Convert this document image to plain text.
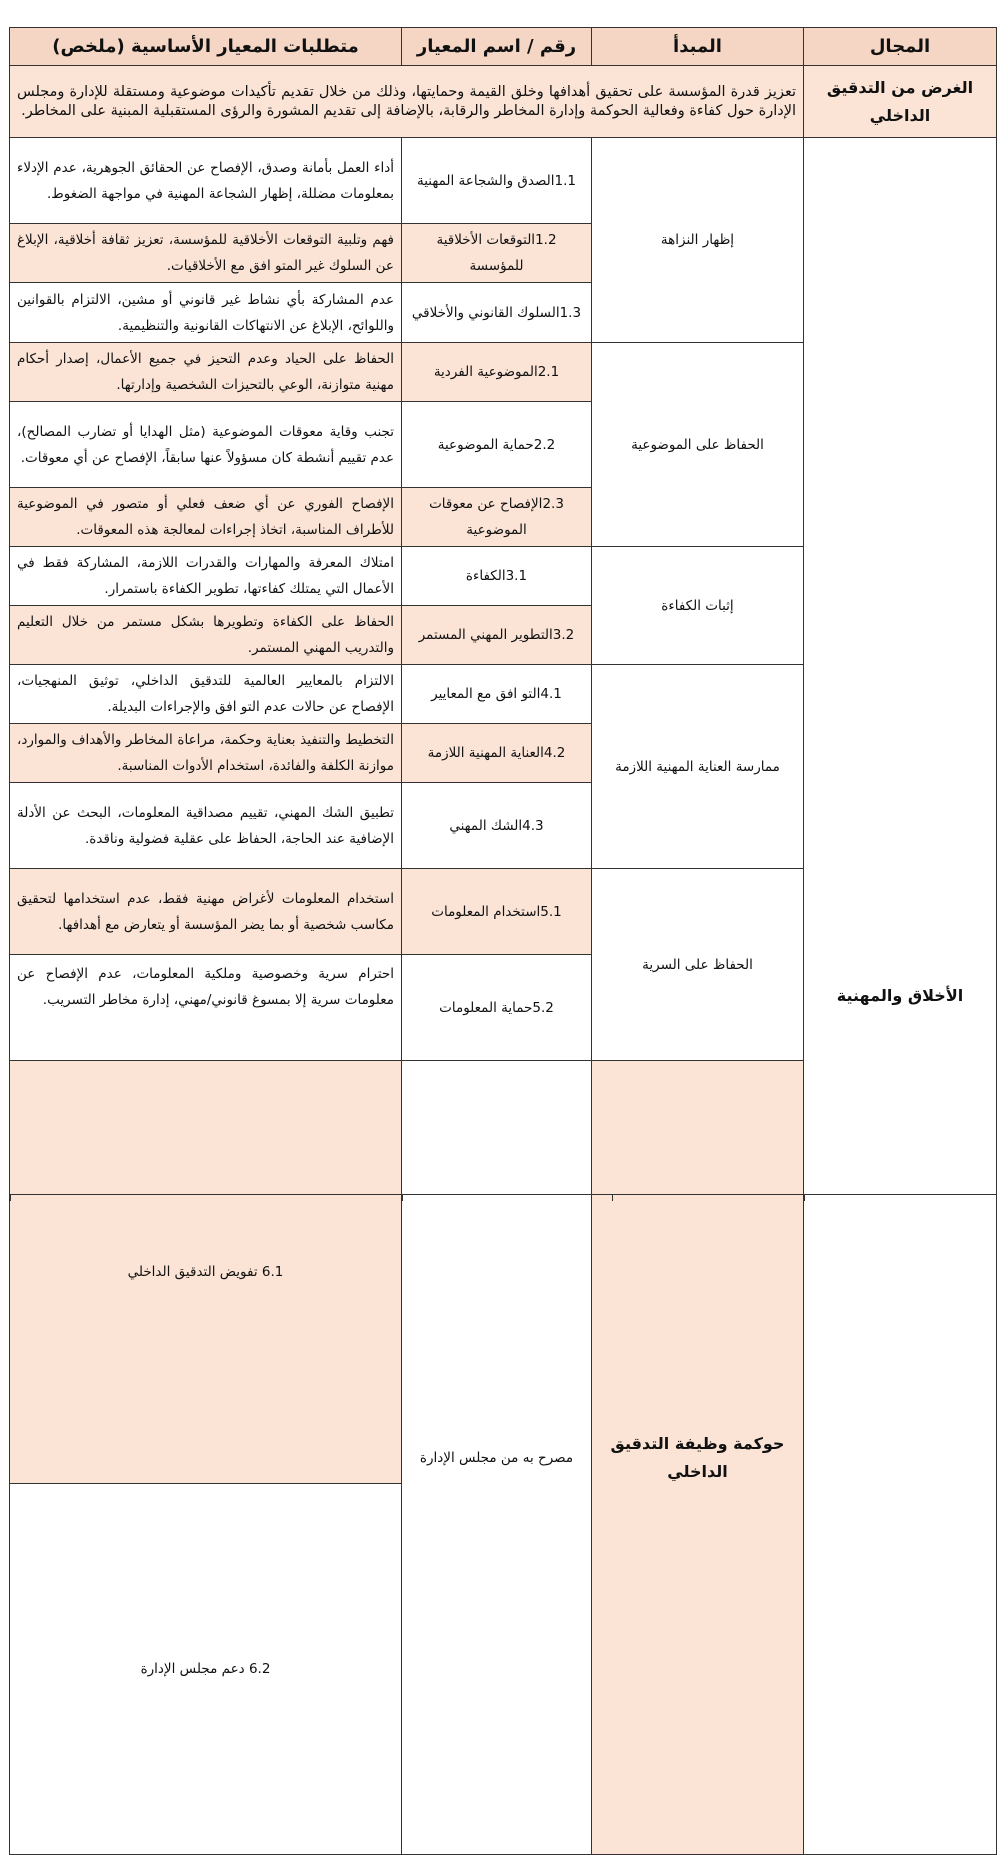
المجال	المبدأ	رقم / اسم المعيار	متطلبات المعيار الأساسية (ملخص)	
الغرض من التدقيق الداخلي	تعزيز قدرة المؤسسة على تحقيق أهدافها وخلق القيمة وحمايتها، وذلك من خلال تقديم تأكيدات موضوعية ومستقلة للإدارة ومجلس الإدارة حول كفاءة وفعالية الحوكمة وإدارة المخاطر والرقابة، بالإضافة إلى تقديم المشورة والرؤى المستقبلية المبنية على المخاطر.			
الأخلاق والمهنية	إظهار النزاهة	1.1الصدق والشجاعة المهنية	أداء العمل بأمانة وصدق، الإفصاح عن الحقائق الجوهرية، عدم الإدلاء بمعلومات مضللة، إظهار الشجاعة المهنية في مواجهة الضغوط.	
		1.2التوقعات الأخلاقية للمؤسسة	فهم وتلبية التوقعات الأخلاقية للمؤسسة، تعزيز ثقافة أخلاقية، الإبلاغ عن السلوك غير المتو افق مع الأخلاقيات.	
		1.3السلوك القانوني والأخلاقي	عدم المشاركة بأي نشاط غير قانوني أو مشين، الالتزام بالقوانين واللوائح، الإبلاغ عن الانتهاكات القانونية والتنظيمية.	
	الحفاظ على الموضوعية	2.1الموضوعية الفردية	الحفاظ على الحياد وعدم التحيز في جميع الأعمال، إصدار أحكام مهنية متوازنة، الوعي بالتحيزات الشخصية وإدارتها.	
		2.2حماية الموضوعية	تجنب وقاية معوقات الموضوعية (مثل الهدايا أو تضارب المصالح)، عدم تقييم أنشطة كان مسؤولاً عنها سابقاً، الإفصاح عن أي معوقات.	
		2.3الإفصاح عن معوقات الموضوعية	الإفصاح الفوري عن أي ضعف فعلي أو متصور في الموضوعية للأطراف المناسبة، اتخاذ إجراءات لمعالجة هذه المعوقات.	
	إثبات الكفاءة	3.1الكفاءة	امتلاك المعرفة والمهارات والقدرات اللازمة، المشاركة فقط في الأعمال التي يمتلك كفاءتها، تطوير الكفاءة باستمرار.	
		3.2التطوير المهني المستمر	الحفاظ على الكفاءة وتطويرها بشكل مستمر من خلال التعليم والتدريب المهني المستمر.	
	ممارسة العناية المهنية اللازمة	4.1التو افق مع المعايير	الالتزام بالمعايير العالمية للتدقيق الداخلي، توثيق المنهجيات، الإفصاح عن حالات عدم التو افق والإجراءات البديلة.	
		4.2العناية المهنية اللازمة	التخطيط والتنفيذ بعناية وحكمة، مراعاة المخاطر والأهداف والموارد، موازنة الكلفة والفائدة، استخدام الأدوات المناسبة.	
		4.3الشك المهني	تطبيق الشك المهني، تقييم مصداقية المعلومات، البحث عن الأدلة الإضافية عند الحاجة، الحفاظ على عقلية فضولية وناقدة.	
	الحفاظ على السرية	5.1استخدام المعلومات	استخدام المعلومات لأغراض مهنية فقط، عدم استخدامها لتحقيق مكاسب شخصية أو بما يضر المؤسسة أو يتعارض مع أهدافها.	
		5.2حماية المعلومات	احترام سرية وخصوصية وملكية المعلومات، عدم الإفصاح عن معلومات سرية إلا بمسوغ قانوني/مهني، إدارة مخاطر التسريب.	
	حوكمة وظيفة التدقيق الداخلي	مصرح به من مجلس الإدارة	6.1 تفويض التدقيق الداخلي	
			6.2 دعم مجلس الإدارة	
